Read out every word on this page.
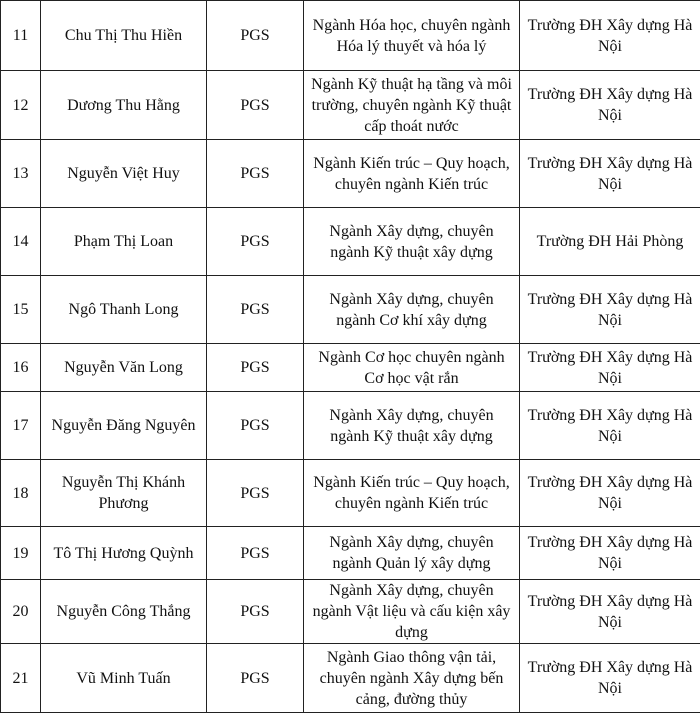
11	Chu Thị Thu Hiền	PGS	Ngành Hóa học, chuyên ngành Hóa lý thuyết và hóa lý	Trường ĐH Xây dựng Hà Nội
12	Dương Thu Hằng	PGS	Ngành Kỹ thuật hạ tầng và môi trường, chuyên ngành Kỹ thuật cấp thoát nước	Trường ĐH Xây dựng Hà Nội
13	Nguyễn Việt Huy	PGS	Ngành Kiến trúc – Quy hoạch, chuyên ngành Kiến trúc	Trường ĐH Xây dựng Hà Nội
14	Phạm Thị Loan	PGS	Ngành Xây dựng, chuyên ngành Kỹ thuật xây dựng	Trường ĐH Hải Phòng
15	Ngô Thanh Long	PGS	Ngành Xây dựng, chuyên ngành Cơ khí xây dựng	Trường ĐH Xây dựng Hà Nội
16	Nguyễn Văn Long	PGS	Ngành Cơ học chuyên ngành Cơ học vật rắn	Trường ĐH Xây dựng Hà Nội
17	Nguyễn Đăng Nguyên	PGS	Ngành Xây dựng, chuyên ngành Kỹ thuật xây dựng	Trường ĐH Xây dựng Hà Nội
18	Nguyễn Thị Khánh Phương	PGS	Ngành Kiến trúc – Quy hoạch, chuyên ngành Kiến trúc	Trường ĐH Xây dựng Hà Nội
19	Tô Thị Hương Quỳnh	PGS	Ngành Xây dựng, chuyên ngành Quản lý xây dựng	Trường ĐH Xây dựng Hà Nội
20	Nguyễn Công Thắng	PGS	Ngành Xây dựng, chuyên ngành Vật liệu và cấu kiện xây dựng	Trường ĐH Xây dựng Hà Nội
21	Vũ Minh Tuấn	PGS	Ngành Giao thông vận tải, chuyên ngành Xây dựng bến cảng, đường thủy	Trường ĐH Xây dựng Hà Nội
